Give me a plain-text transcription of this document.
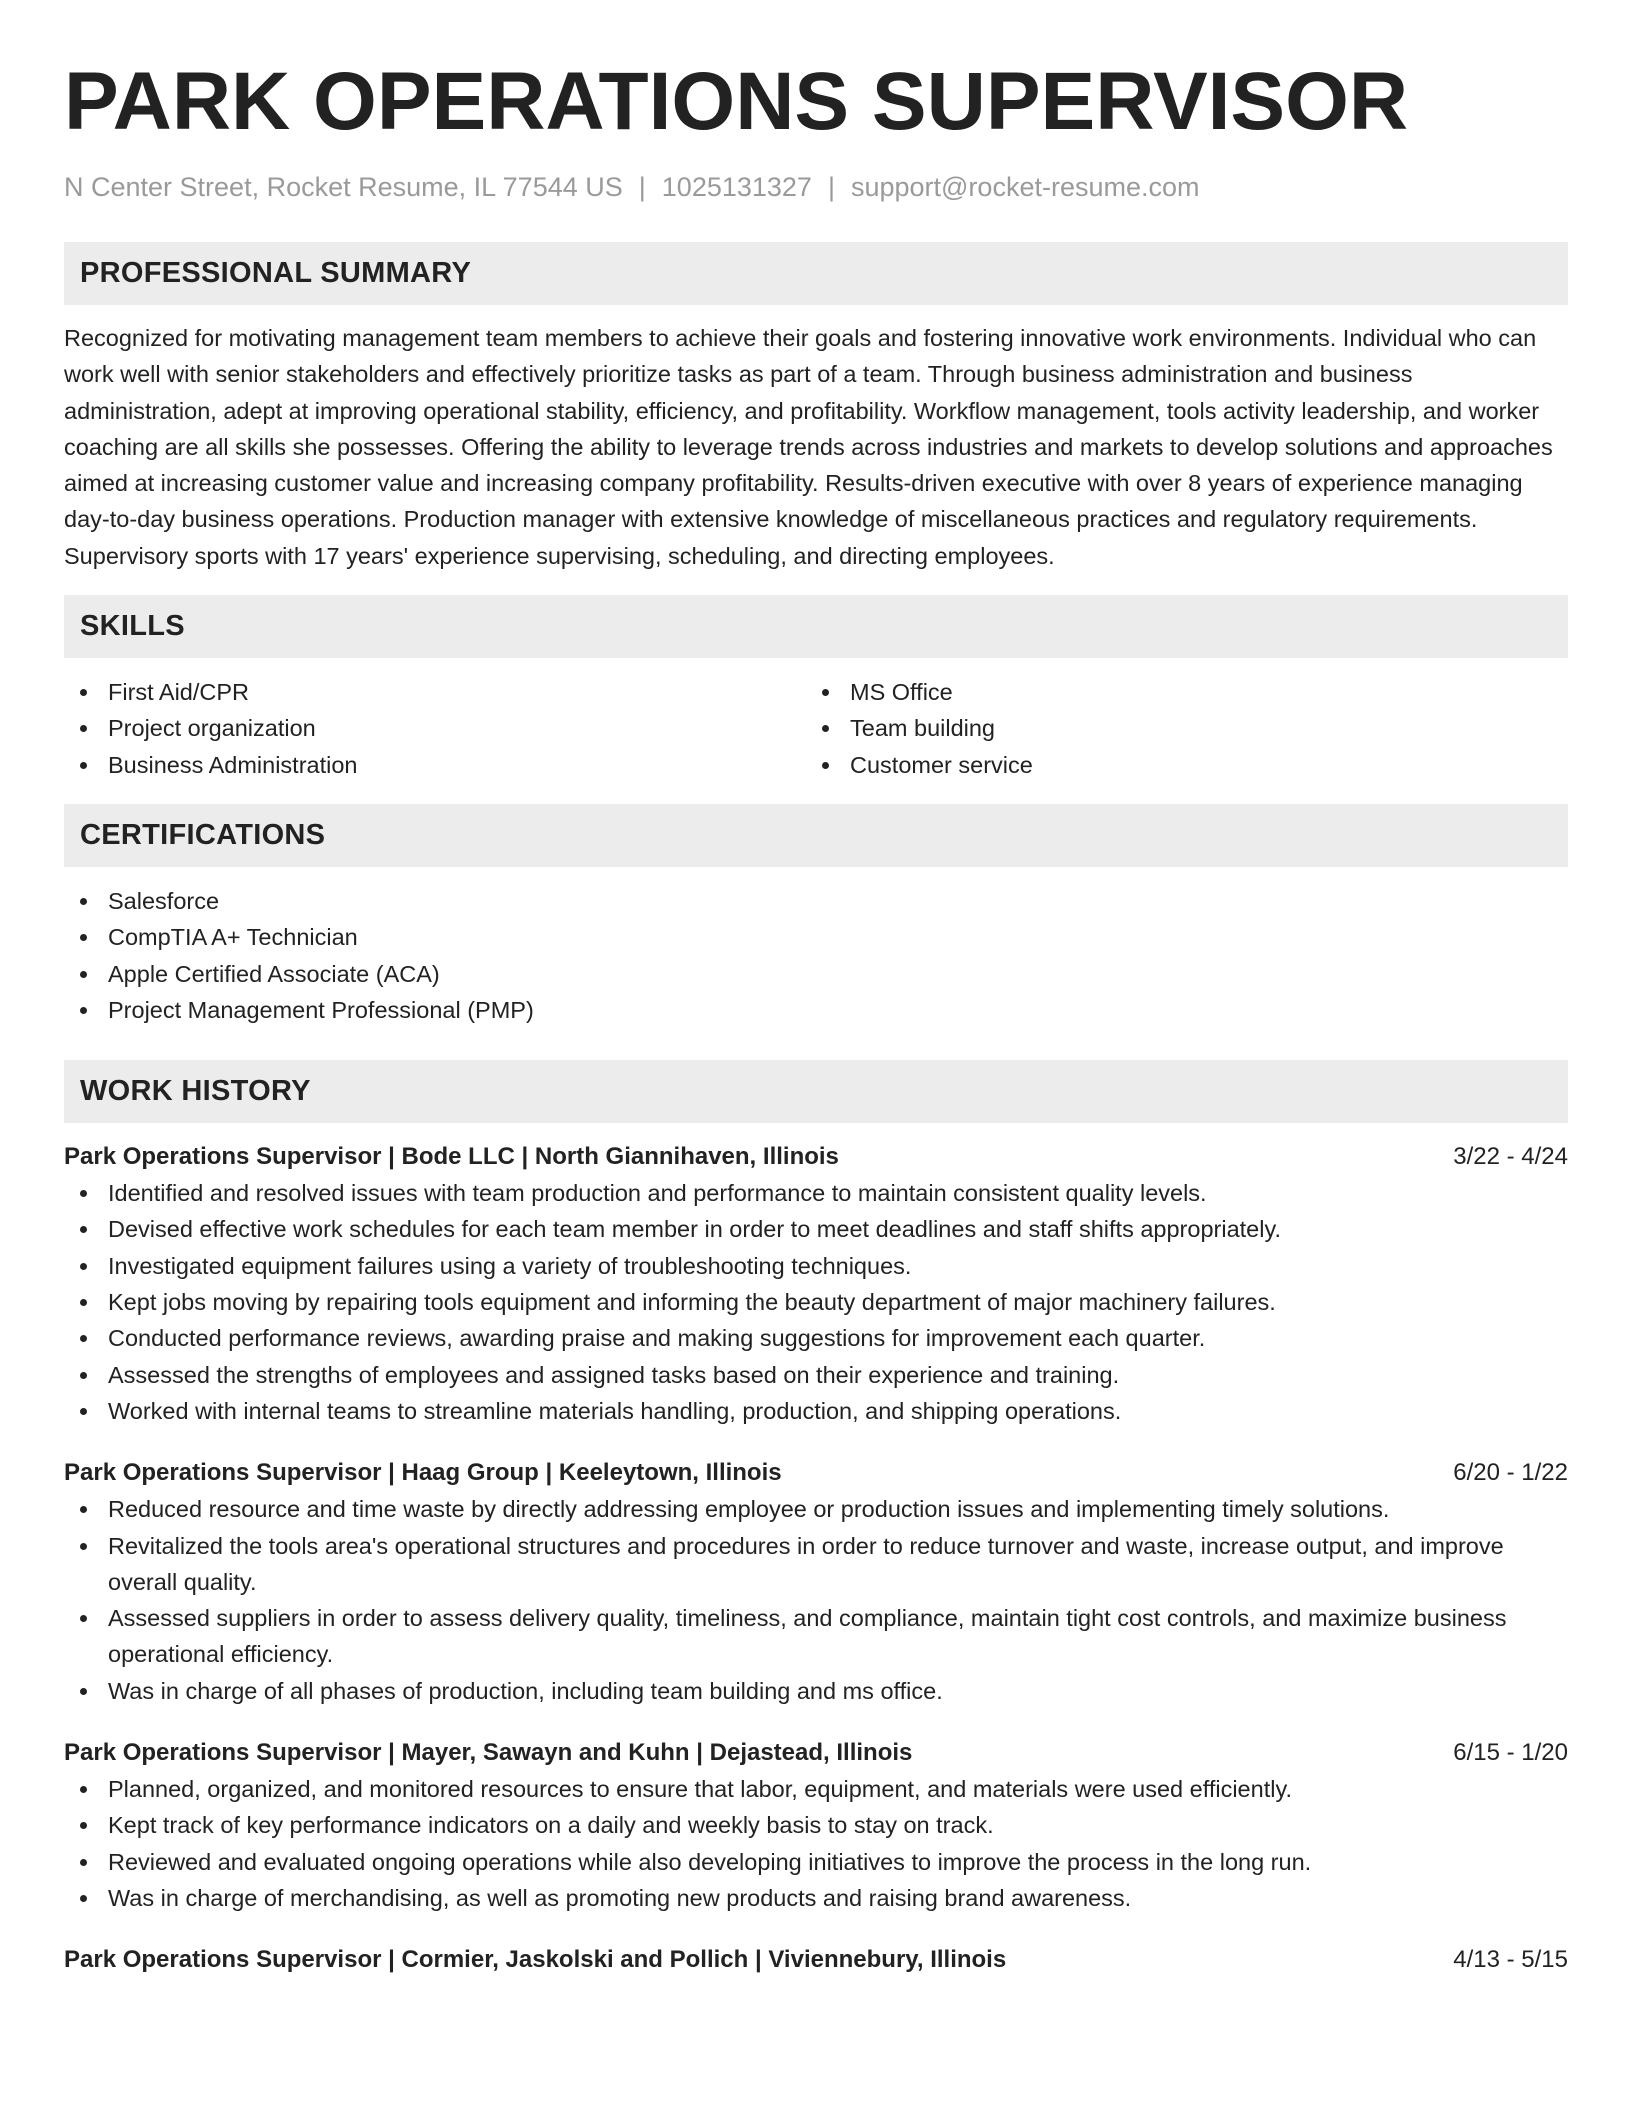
PARK OPERATIONS SUPERVISOR
N Center Street, Rocket Resume, IL 77544 US | 1025131327 | support@rocket-resume.com
PROFESSIONAL SUMMARY

Recognized for motivating management team members to achieve their goals and fostering innovative work environments. Individual who can work well with senior stakeholders and effectively prioritize tasks as part of a team. Through business administration and business administration, adept at improving operational stability, efficiency, and profitability. Workflow management, tools activity leadership, and worker coaching are all skills she possesses. Offering the ability to leverage trends across industries and markets to develop solutions and approaches aimed at increasing customer value and increasing company profitability. Results-driven executive with over 8 years of experience managing day-to-day business operations. Production manager with extensive knowledge of miscellaneous practices and regulatory requirements. Supervisory sports with 17 years' experience supervising, scheduling, and directing employees.

SKILLS
First Aid/CPR
Project organization
Business Administration
MS Office
Team building
Customer service
CERTIFICATIONS
Salesforce
CompTIA A+ Technician
Apple Certified Associate (ACA)
Project Management Professional (PMP)
WORK HISTORY
Park Operations Supervisor | Bode LLC | North Giannihaven, Illinois	3/22 - 4/24
Identified and resolved issues with team production and performance to maintain consistent quality levels.
Devised effective work schedules for each team member in order to meet deadlines and staff shifts appropriately.
Investigated equipment failures using a variety of troubleshooting techniques.
Kept jobs moving by repairing tools equipment and informing the beauty department of major machinery failures.
Conducted performance reviews, awarding praise and making suggestions for improvement each quarter.
Assessed the strengths of employees and assigned tasks based on their experience and training.
Worked with internal teams to streamline materials handling, production, and shipping operations.
Park Operations Supervisor | Haag Group | Keeleytown, Illinois	6/20 - 1/22
Reduced resource and time waste by directly addressing employee or production issues and implementing timely solutions.
Revitalized the tools area's operational structures and procedures in order to reduce turnover and waste, increase output, and improve overall quality.
Assessed suppliers in order to assess delivery quality, timeliness, and compliance, maintain tight cost controls, and maximize business operational efficiency.
Was in charge of all phases of production, including team building and ms office.
Park Operations Supervisor | Mayer, Sawayn and Kuhn | Dejastead, Illinois	6/15 - 1/20
Planned, organized, and monitored resources to ensure that labor, equipment, and materials were used efficiently.
Kept track of key performance indicators on a daily and weekly basis to stay on track.
Reviewed and evaluated ongoing operations while also developing initiatives to improve the process in the long run.
Was in charge of merchandising, as well as promoting new products and raising brand awareness.
Park Operations Supervisor | Cormier, Jaskolski and Pollich | Viviennebury, Illinois	4/13 - 5/15
